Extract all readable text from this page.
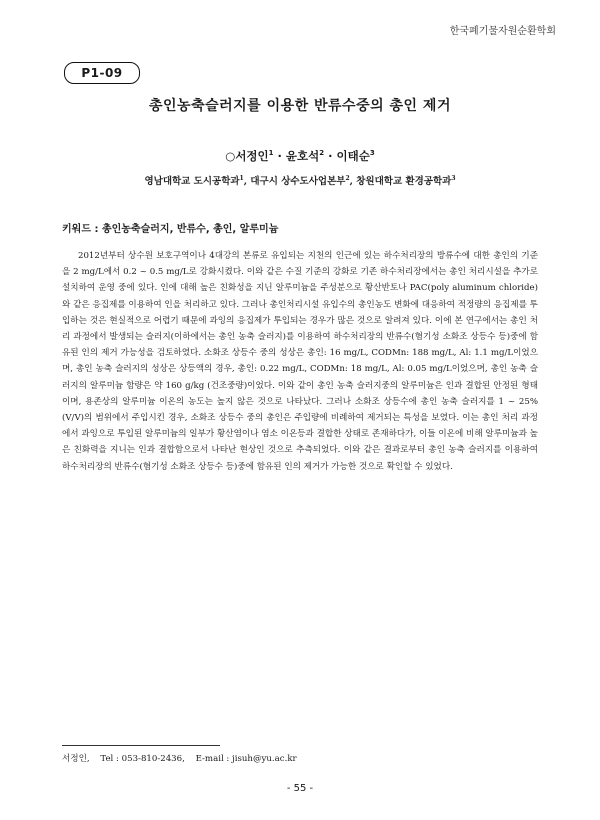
한국폐기물자원순환학회
P1-09
총인농축슬러지를 이용한 반류수중의 총인 제거
○서정인$^1$ · 윤호석$^2$ · 이태순$^3$
영남대학교 도시공학과$^1$, 대구시 상수도사업본부$^2$, 창원대학교 환경공학과$^3$
키워드 : 총인농축슬러지, 반류수, 총인, 알루미늄

2012년부터 상수원 보호구역이나 4대강의 본류로 유입되는 지천의 인근에 있는 하수처리장의 방류수에 대한 총인의 기준을 2 mg/L에서 0.2 ~ 0.5 mg/L로 강화시켰다. 이와 같은 수질 기준의 강화로 기존 하수처리장에서는 총인 처리시설을 추가로 설치하여 운영 중에 있다. 인에 대해 높은 친화성을 지닌 알루미늄을 주성분으로 황산반토나 PAC(poly aluminum chloride)와 같은 응집제를 이용하여 인을 처리하고 있다. 그러나 총인처리시설 유입수의 총인농도 변화에 대응하여 적정량의 응집제를 투입하는 것은 현실적으로 어렵기 때문에 과잉의 응집제가 투입되는 경우가 많은 것으로 알려져 있다. 이에 본 연구에서는 총인 처리 과정에서 발생되는 슬러지(이하에서는 총인 농축 슬러지)를 이용하여 하수처리장의 반류수(혐기성 소화조 상등수 등)중에 함유된 인의 제거 가능성을 검토하였다. 소화조 상등수 중의 성상은 총인: 16 mg/L, CODMn: 188 mg/L, Al: 1.1 mg/L이었으며, 총인 농축 슬러지의 성상은 상등액의 경우, 총인: 0.22 mg/L, CODMn: 18 mg/L, Al: 0.05 mg/L이었으며, 총인 농축 슬러지의 알루미늄 함량은 약 160 g/kg (건조중량)이었다. 이와 같이 총인 농축 슬러지중의 알루미늄은 인과 결합된 안정된 형태이며, 용존상의 알루미늄 이온의 농도는 높지 않은 것으로 나타났다. 그러나 소화조 상등수에 총인 농축 슬러지를 1 ~ 25% (V/V)의 범위에서 주입시킨 경우, 소화조 상등수 중의 총인은 주입량에 비례하여 제거되는 특성을 보였다. 이는 총인 처리 과정에서 과잉으로 투입된 알루미늄의 일부가 황산염이나 염소 이온등과 결합한 상태로 존재하다가, 이들 이온에 비해 알루미늄과 높은 친화력을 지니는 인과 결합함으로서 나타난 현상인 것으로 추측되었다. 이와 같은 결과로부터 총인 농축 슬러지를 이용하여 하수처리장의 반류수(혐기성 소화조 상등수 등)중에 함유된 인의 제거가 가능한 것으로 확인할 수 있었다.

서정인, Tel : 053-810-2436, E-mail : jisuh@yu.ac.kr
- 55 -
